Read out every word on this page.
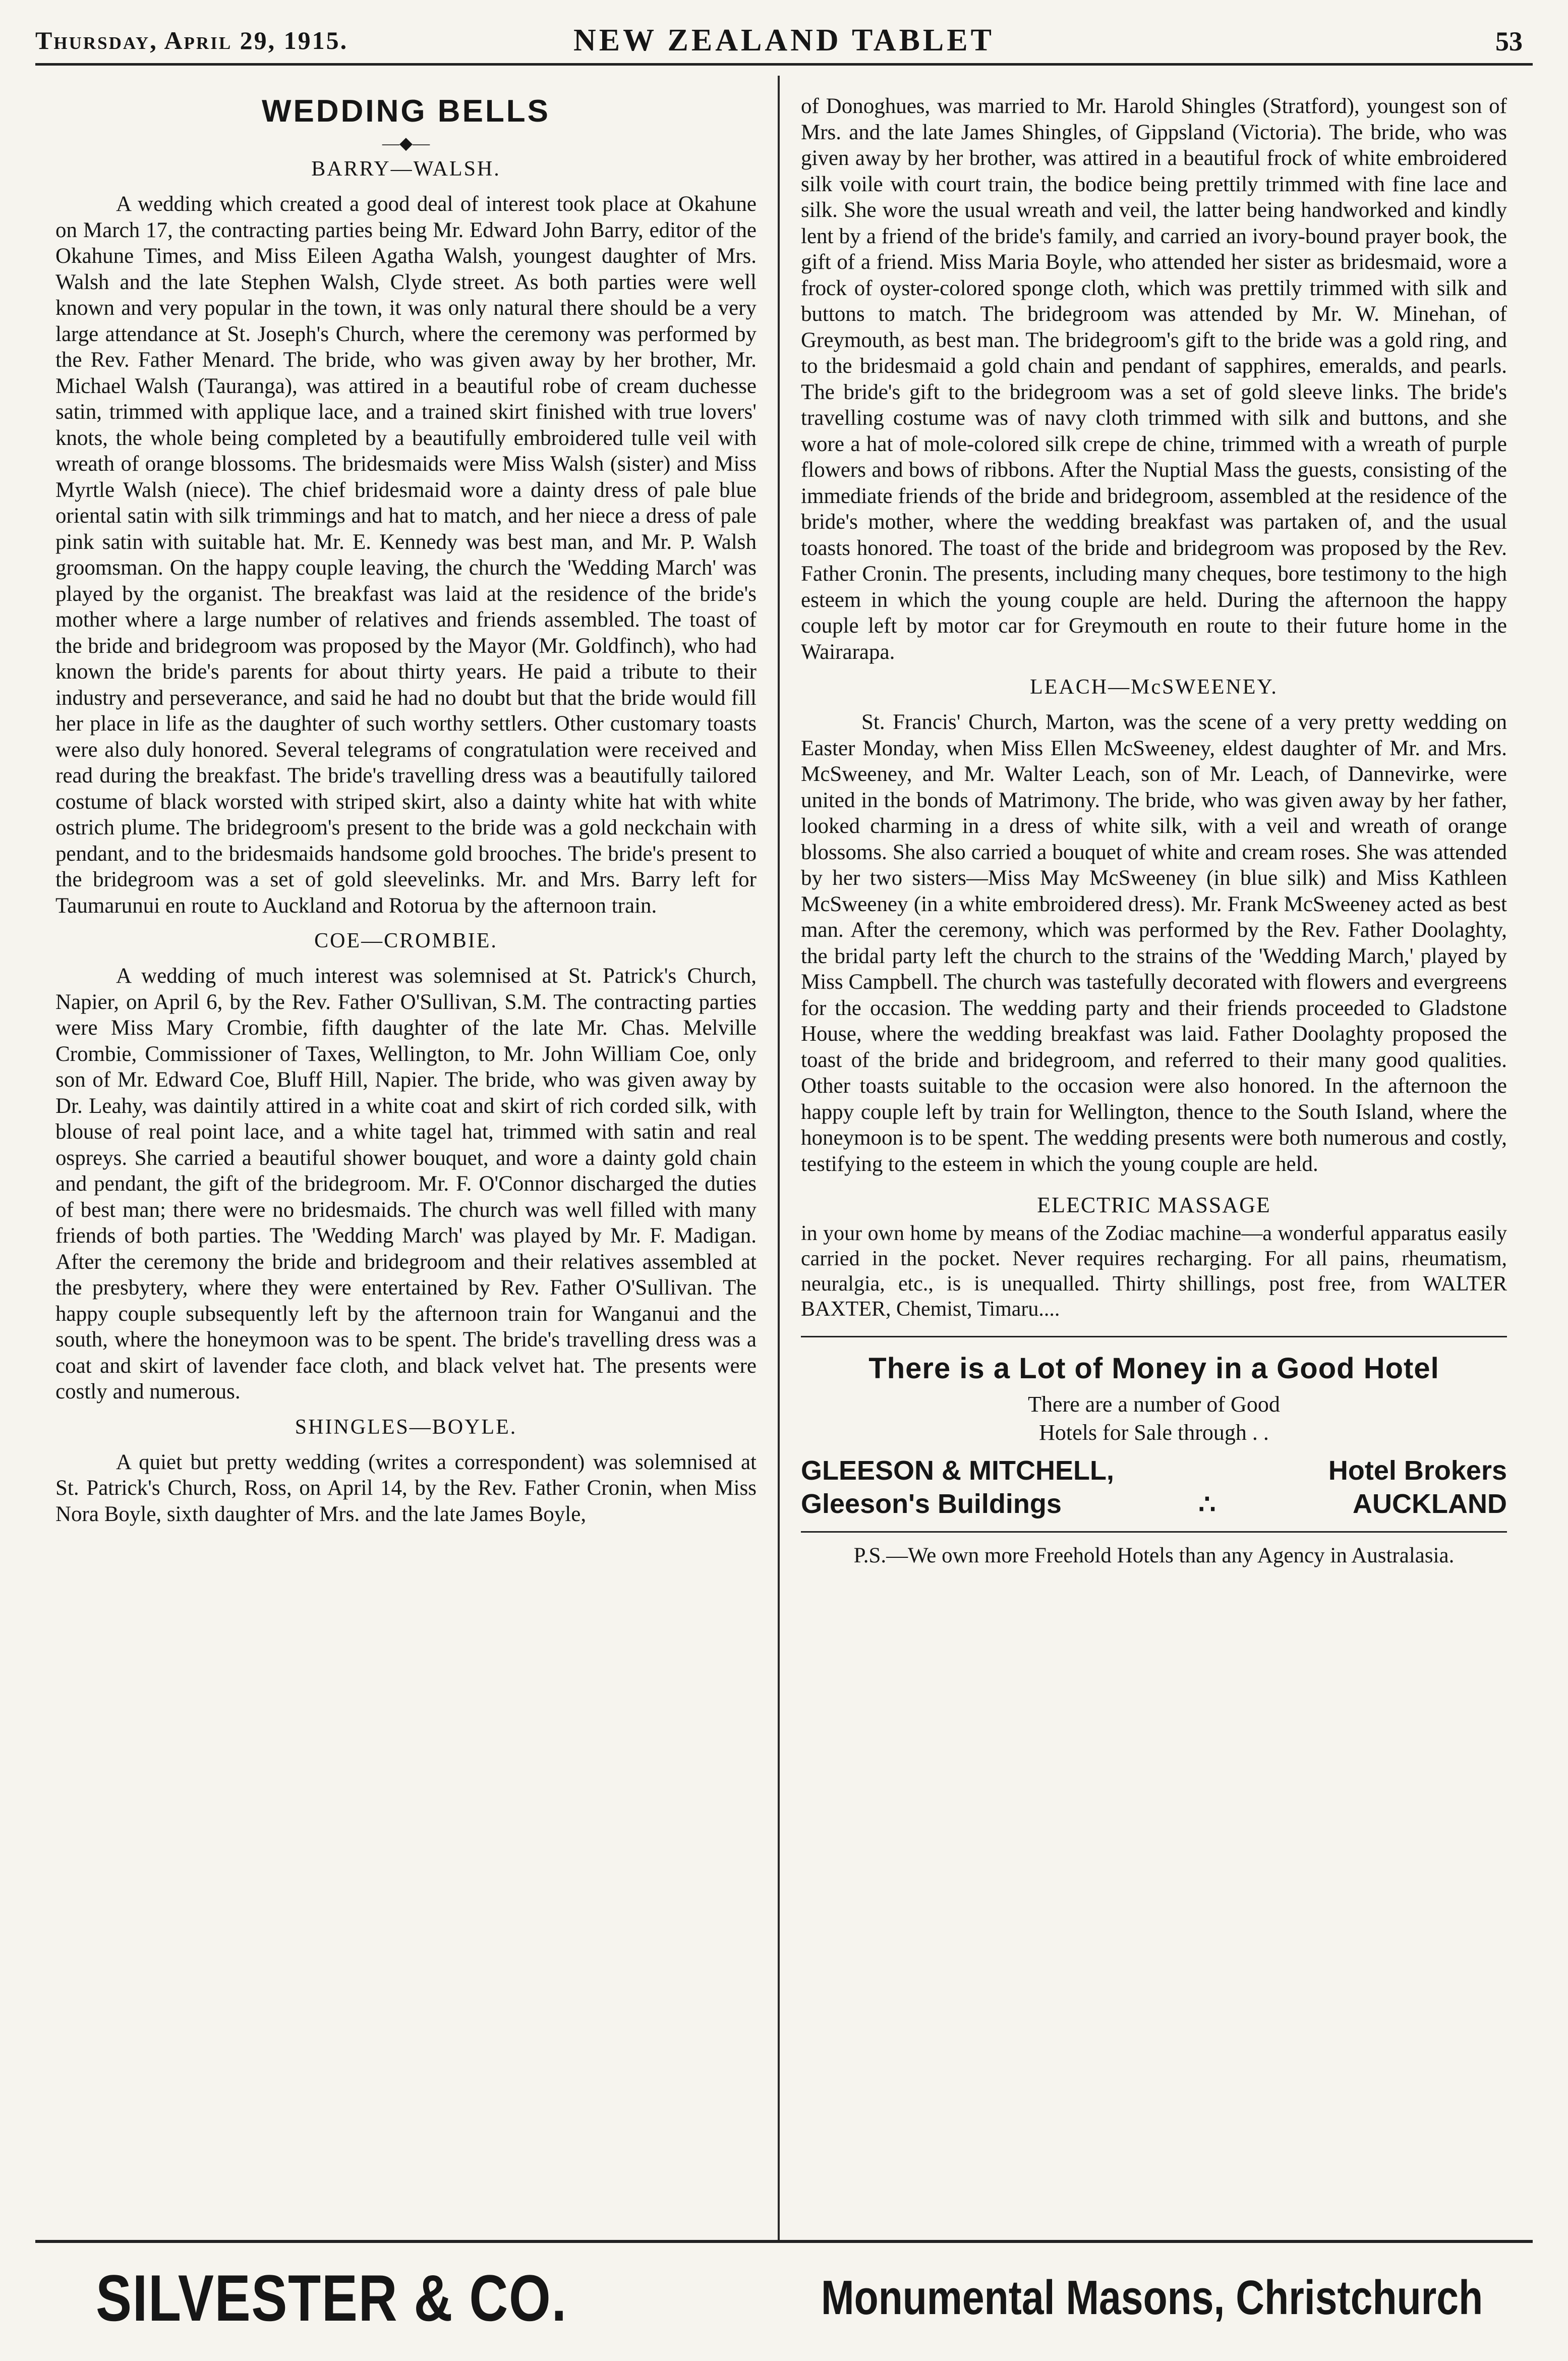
Thursday, April 29, 1915.	NEW ZEALAND TABLET	53
WEDDING BELLS
—◆—
BARRY—WALSH.

A wedding which created a good deal of interest took place at Okahune on March 17, the contracting parties being Mr. Edward John Barry, editor of the Okahune Times, and Miss Eileen Agatha Walsh, youngest daughter of Mrs. Walsh and the late Stephen Walsh, Clyde street. As both parties were well known and very popular in the town, it was only natural there should be a very large attendance at St. Joseph's Church, where the ceremony was performed by the Rev. Father Menard. The bride, who was given away by her brother, Mr. Michael Walsh (Tauranga), was attired in a beautiful robe of cream duchesse satin, trimmed with applique lace, and a trained skirt finished with true lovers' knots, the whole being completed by a beautifully embroidered tulle veil with wreath of orange blossoms. The bridesmaids were Miss Walsh (sister) and Miss Myrtle Walsh (niece). The chief bridesmaid wore a dainty dress of pale blue oriental satin with silk trimmings and hat to match, and her niece a dress of pale pink satin with suitable hat. Mr. E. Kennedy was best man, and Mr. P. Walsh groomsman. On the happy couple leaving, the church the 'Wedding March' was played by the organist. The breakfast was laid at the residence of the bride's mother where a large number of relatives and friends assembled. The toast of the bride and bridegroom was proposed by the Mayor (Mr. Goldfinch), who had known the bride's parents for about thirty years. He paid a tribute to their industry and perseverance, and said he had no doubt but that the bride would fill her place in life as the daughter of such worthy settlers. Other customary toasts were also duly honored. Several telegrams of congratulation were received and read during the breakfast. The bride's travelling dress was a beautifully tailored costume of black worsted with striped skirt, also a dainty white hat with white ostrich plume. The bridegroom's present to the bride was a gold neckchain with pendant, and to the bridesmaids handsome gold brooches. The bride's present to the bridegroom was a set of gold sleevelinks. Mr. and Mrs. Barry left for Taumarunui en route to Auckland and Rotorua by the afternoon train.

COE—CROMBIE.

A wedding of much interest was solemnised at St. Patrick's Church, Napier, on April 6, by the Rev. Father O'Sullivan, S.M. The contracting parties were Miss Mary Crombie, fifth daughter of the late Mr. Chas. Melville Crombie, Commissioner of Taxes, Wellington, to Mr. John William Coe, only son of Mr. Edward Coe, Bluff Hill, Napier. The bride, who was given away by Dr. Leahy, was daintily attired in a white coat and skirt of rich corded silk, with blouse of real point lace, and a white tagel hat, trimmed with satin and real ospreys. She carried a beautiful shower bouquet, and wore a dainty gold chain and pendant, the gift of the bridegroom. Mr. F. O'Connor discharged the duties of best man; there were no bridesmaids. The church was well filled with many friends of both parties. The 'Wedding March' was played by Mr. F. Madigan. After the ceremony the bride and bridegroom and their relatives assembled at the presbytery, where they were entertained by Rev. Father O'Sullivan. The happy couple subsequently left by the afternoon train for Wanganui and the south, where the honeymoon was to be spent. The bride's travelling dress was a coat and skirt of lavender face cloth, and black velvet hat. The presents were costly and numerous.

SHINGLES—BOYLE.

A quiet but pretty wedding (writes a correspondent) was solemnised at St. Patrick's Church, Ross, on April 14, by the Rev. Father Cronin, when Miss Nora Boyle, sixth daughter of Mrs. and the late James Boyle,

of Donoghues, was married to Mr. Harold Shingles (Stratford), youngest son of Mrs. and the late James Shingles, of Gippsland (Victoria). The bride, who was given away by her brother, was attired in a beautiful frock of white embroidered silk voile with court train, the bodice being prettily trimmed with fine lace and silk. She wore the usual wreath and veil, the latter being handworked and kindly lent by a friend of the bride's family, and carried an ivory-bound prayer book, the gift of a friend. Miss Maria Boyle, who attended her sister as bridesmaid, wore a frock of oyster-colored sponge cloth, which was prettily trimmed with silk and buttons to match. The bridegroom was attended by Mr. W. Minehan, of Greymouth, as best man. The bridegroom's gift to the bride was a gold ring, and to the bridesmaid a gold chain and pendant of sapphires, emeralds, and pearls. The bride's gift to the bridegroom was a set of gold sleeve links. The bride's travelling costume was of navy cloth trimmed with silk and buttons, and she wore a hat of mole-colored silk crepe de chine, trimmed with a wreath of purple flowers and bows of ribbons. After the Nuptial Mass the guests, consisting of the immediate friends of the bride and bridegroom, assembled at the residence of the bride's mother, where the wedding breakfast was partaken of, and the usual toasts honored. The toast of the bride and bridegroom was proposed by the Rev. Father Cronin. The presents, including many cheques, bore testimony to the high esteem in which the young couple are held. During the afternoon the happy couple left by motor car for Greymouth en route to their future home in the Wairarapa.

LEACH—McSWEENEY.

St. Francis' Church, Marton, was the scene of a very pretty wedding on Easter Monday, when Miss Ellen McSweeney, eldest daughter of Mr. and Mrs. McSweeney, and Mr. Walter Leach, son of Mr. Leach, of Dannevirke, were united in the bonds of Matrimony. The bride, who was given away by her father, looked charming in a dress of white silk, with a veil and wreath of orange blossoms. She also carried a bouquet of white and cream roses. She was attended by her two sisters—Miss May McSweeney (in blue silk) and Miss Kathleen McSweeney (in a white embroidered dress). Mr. Frank McSweeney acted as best man. After the ceremony, which was performed by the Rev. Father Doolaghty, the bridal party left the church to the strains of the 'Wedding March,' played by Miss Campbell. The church was tastefully decorated with flowers and evergreens for the occasion. The wedding party and their friends proceeded to Gladstone House, where the wedding breakfast was laid. Father Doolaghty proposed the toast of the bride and bridegroom, and referred to their many good qualities. Other toasts suitable to the occasion were also honored. In the afternoon the happy couple left by train for Wellington, thence to the South Island, where the honeymoon is to be spent. The wedding presents were both numerous and costly, testifying to the esteem in which the young couple are held.

ELECTRIC MASSAGE

in your own home by means of the Zodiac machine—a wonderful apparatus easily carried in the pocket. Never requires recharging. For all pains, rheumatism, neuralgia, etc., is is unequalled. Thirty shillings, post free, from WALTER BAXTER, Chemist, Timaru....

There is a Lot of Money in a Good Hotel
There are a number of Good
Hotels for Sale through . .
GLEESON & MITCHELL,	Hotel Brokers
Gleeson's Buildings	∴	AUCKLAND
P.S.—We own more Freehold Hotels than any Agency in Australasia.
SILVESTER & CO.	Monumental Masons, Christchurch
